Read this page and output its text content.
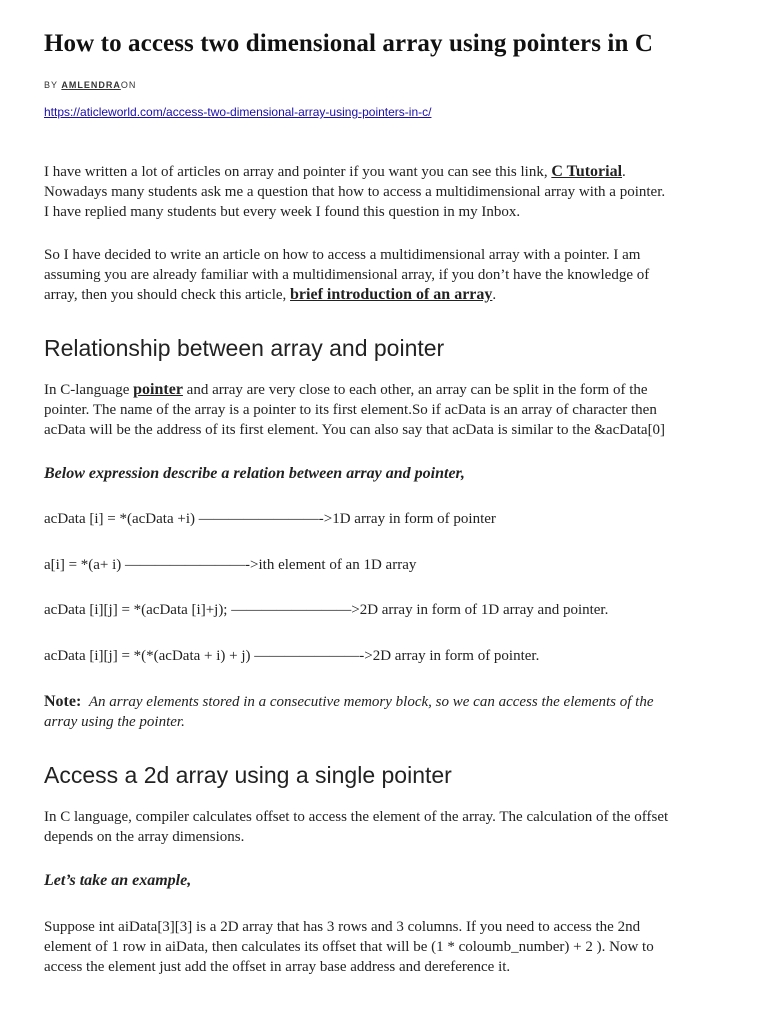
How to access two dimensional array using pointers in C
BY AMLENDRAON
https://aticleworld.com/access-two-dimensional-array-using-pointers-in-c/

I have written a lot of articles on array and pointer if you want you can see this link, C Tutorial.
Nowadays many students ask me a question that how to access a multidimensional array with a pointer.
I have replied many students but every week I found this question in my Inbox.

So I have decided to write an article on how to access a multidimensional array with a pointer. I am
assuming you are already familiar with a multidimensional array, if you don’t have the knowledge of
array, then you should check this article, brief introduction of an array.

Relationship between array and pointer

In C-language pointer and array are very close to each other, an array can be split in the form of the
pointer. The name of the array is a pointer to its first element.So if acData is an array of character then
acData will be the address of its first element. You can also say that acData is similar to the &acData[0]

Below expression describe a relation between array and pointer,
acData [i] = *(acData +i) ————————->1D array in form of pointer
a[i] = *(a+ i) ————————->ith element of an 1D array
acData [i][j] = *(acData [i]+j); ————————>2D array in form of 1D array and pointer.
acData [i][j] = *(*(acData + i) + j) ———————->2D array in form of pointer.

Note: An array elements stored in a consecutive memory block, so we can access the elements of the
array using the pointer.

Access a 2d array using a single pointer

In C language, compiler calculates offset to access the element of the array. The calculation of the offset
depends on the array dimensions.

Let’s take an example,

Suppose int aiData[3][3] is a 2D array that has 3 rows and 3 columns. If you need to access the 2nd
element of 1 row in aiData, then calculates its offset that will be (1 * coloumb_number) + 2 ). Now to
access the element just add the offset in array base address and dereference it.
